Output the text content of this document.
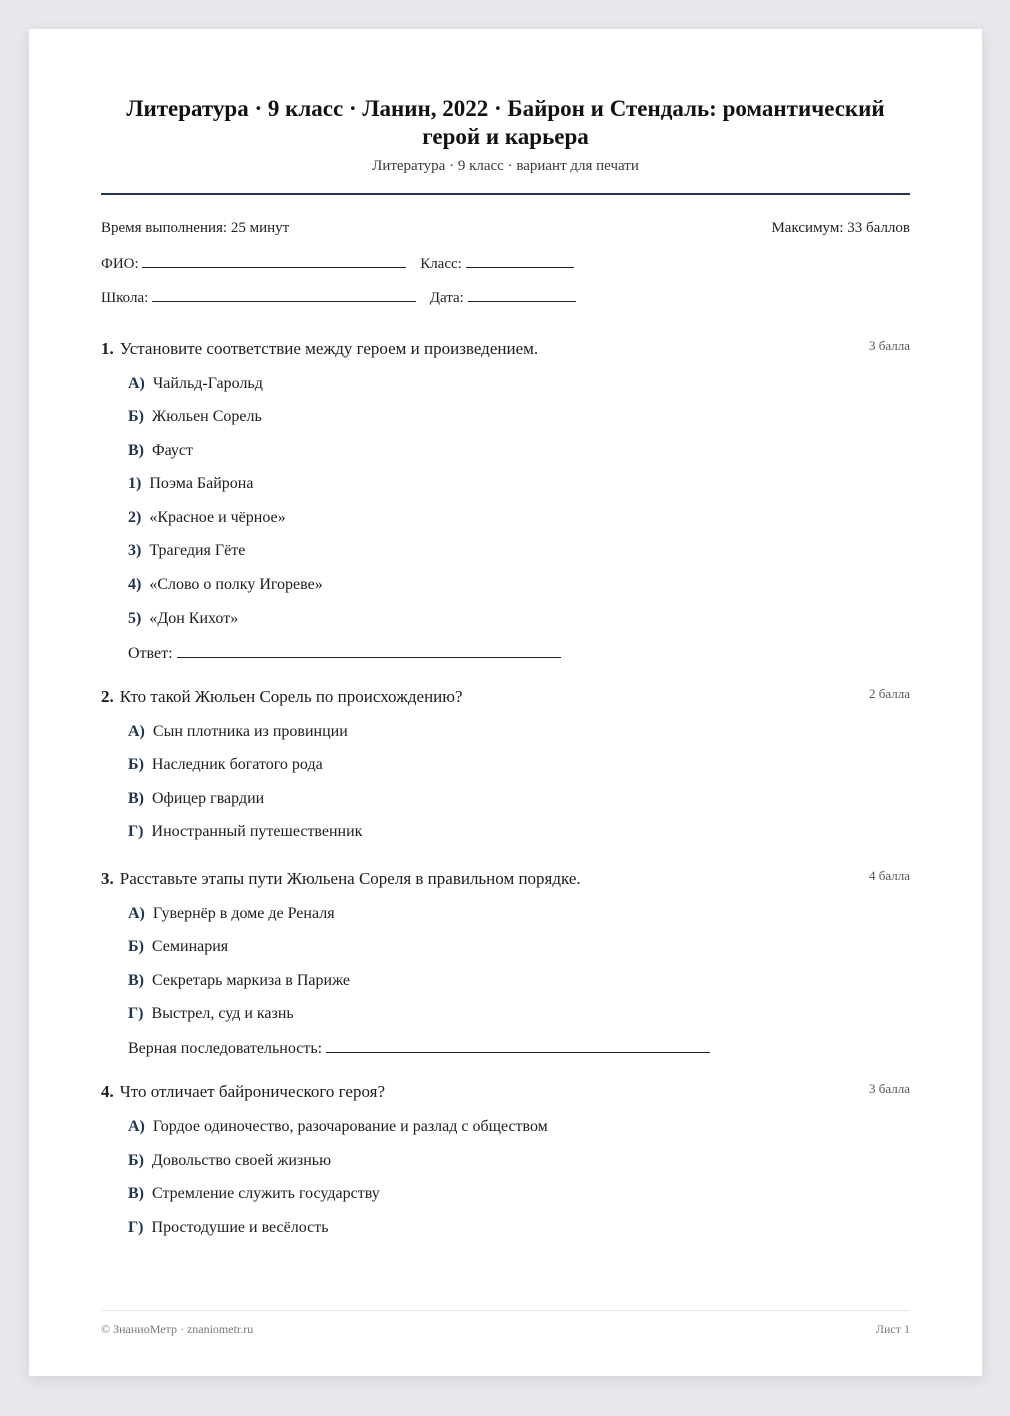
Литература · 9 класс · Ланин, 2022 · Байрон и Стендаль: романтический герой и карьера
Литература · 9 класс · вариант для печати
Время выполнения: 25 минут	Максимум: 33 баллов
ФИО:	Класс:
Школа:	Дата:
1. Установите соответствие между героем и произведением.	3 балла
А) Чайльд-Гарольд
Б) Жюльен Сорель
В) Фауст
1) Поэма Байрона
2) «Красное и чёрное»
3) Трагедия Гёте
4) «Слово о полку Игореве»
5) «Дон Кихот»
Ответ:
2. Кто такой Жюльен Сорель по происхождению?	2 балла
А) Сын плотника из провинции
Б) Наследник богатого рода
В) Офицер гвардии
Г) Иностранный путешественник
3. Расставьте этапы пути Жюльена Сореля в правильном порядке.	4 балла
А) Гувернёр в доме де Реналя
Б) Семинария
В) Секретарь маркиза в Париже
Г) Выстрел, суд и казнь
Верная последовательность:
4. Что отличает байронического героя?	3 балла
А) Гордое одиночество, разочарование и разлад с обществом
Б) Довольство своей жизнью
В) Стремление служить государству
Г) Простодушие и весёлость
© ЗнаниоМетр · znaniometr.ru	Лист 1
